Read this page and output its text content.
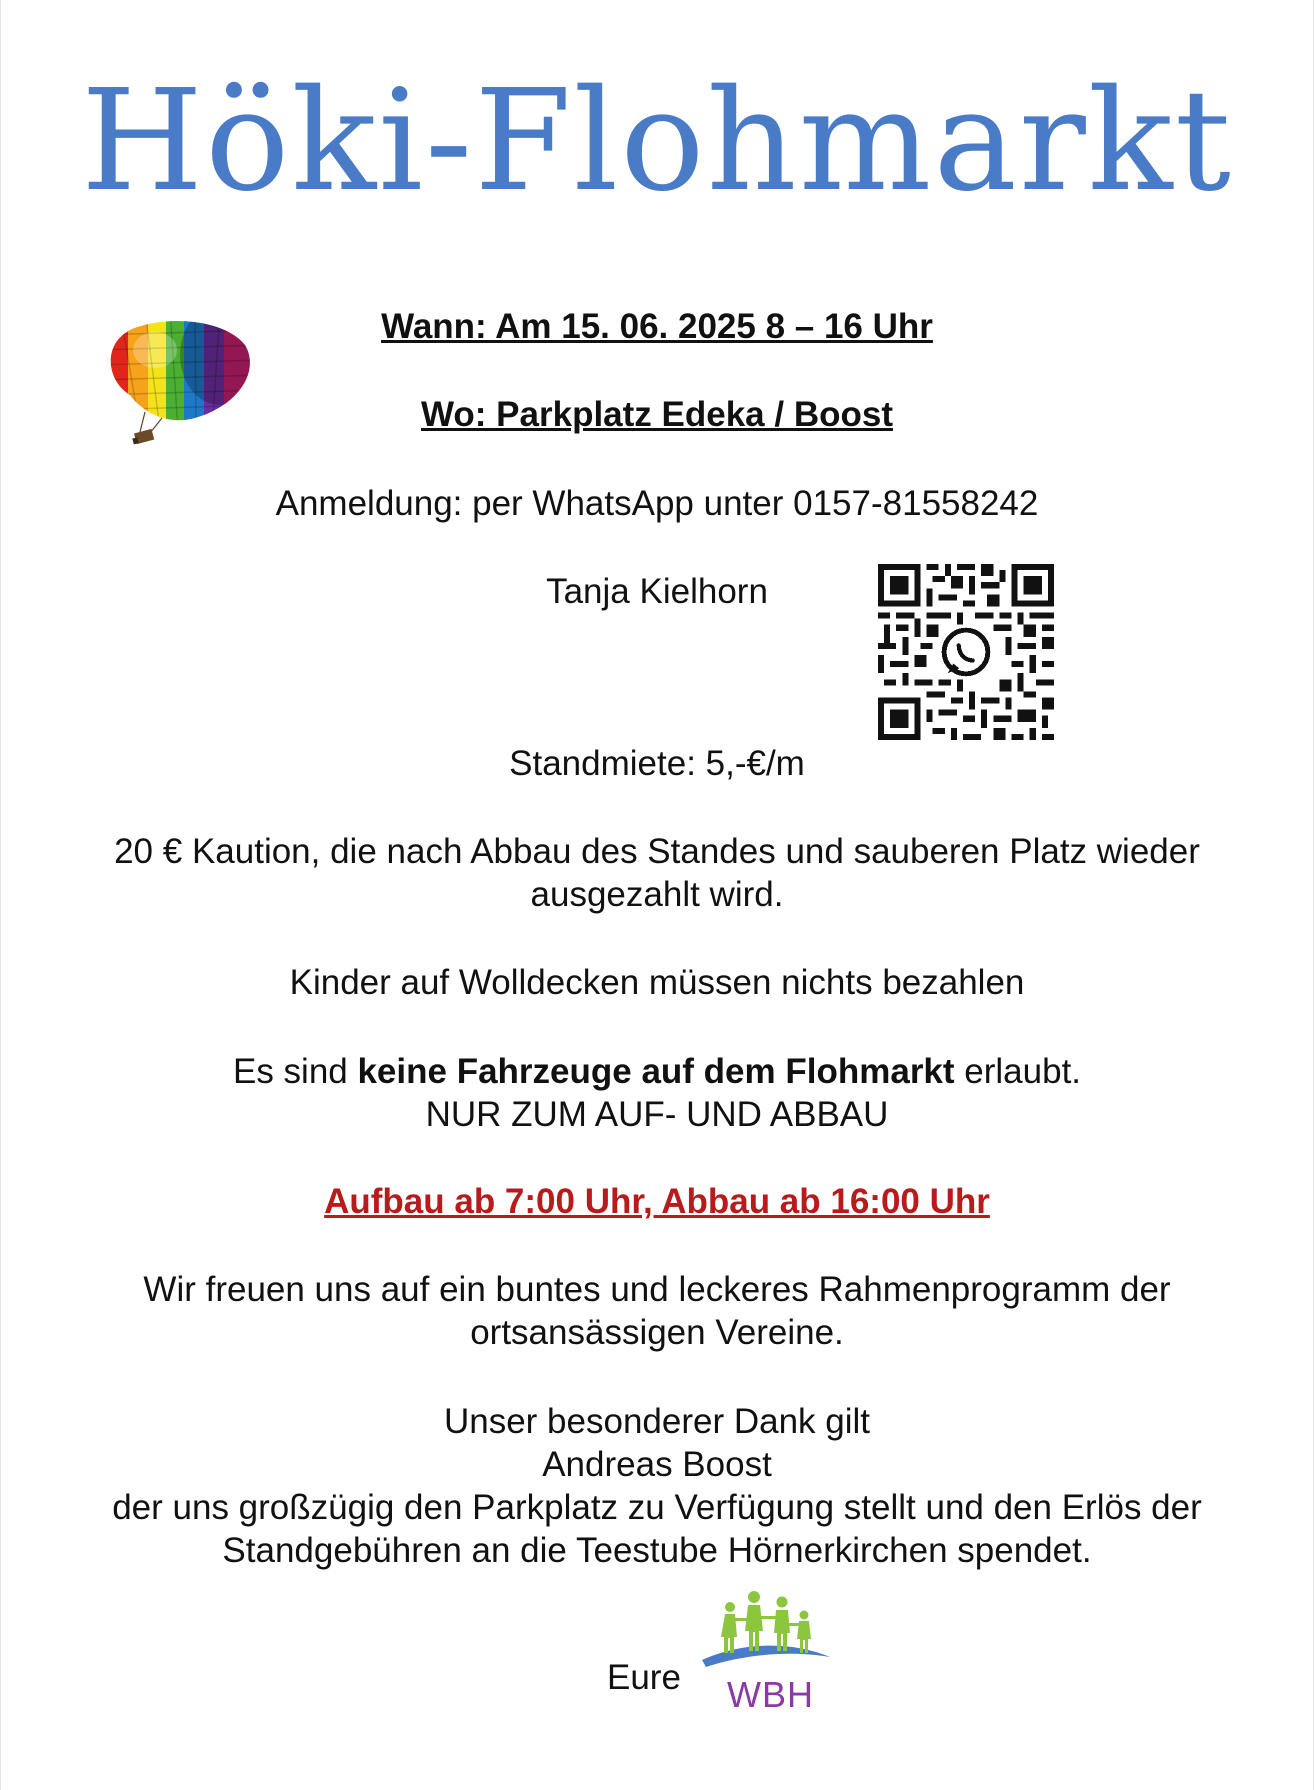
Höki-Flohmarkt

Wann: Am 15. 06. 2025 8 – 16 Uhr

Wo: Parkplatz Edeka / Boost

Anmeldung: per WhatsApp unter 0157-81558242

Tanja Kielhorn

Standmiete: 5,-€/m

20 € Kaution, die nach Abbau des Standes und sauberen Platz wieder

ausgezahlt wird.

Kinder auf Wolldecken müssen nichts bezahlen

Es sind keine Fahrzeuge auf dem Flohmarkt erlaubt.

NUR ZUM AUF- UND ABBAU

Aufbau ab 7:00 Uhr, Abbau ab 16:00 Uhr

Wir freuen uns auf ein buntes und leckeres Rahmenprogramm der

ortsansässigen Vereine.

Unser besonderer Dank gilt

Andreas Boost

der uns großzügig den Parkplatz zu Verfügung stellt und den Erlös der

Standgebühren an die Teestube Hörnerkirchen spendet.

Eure	WBH
